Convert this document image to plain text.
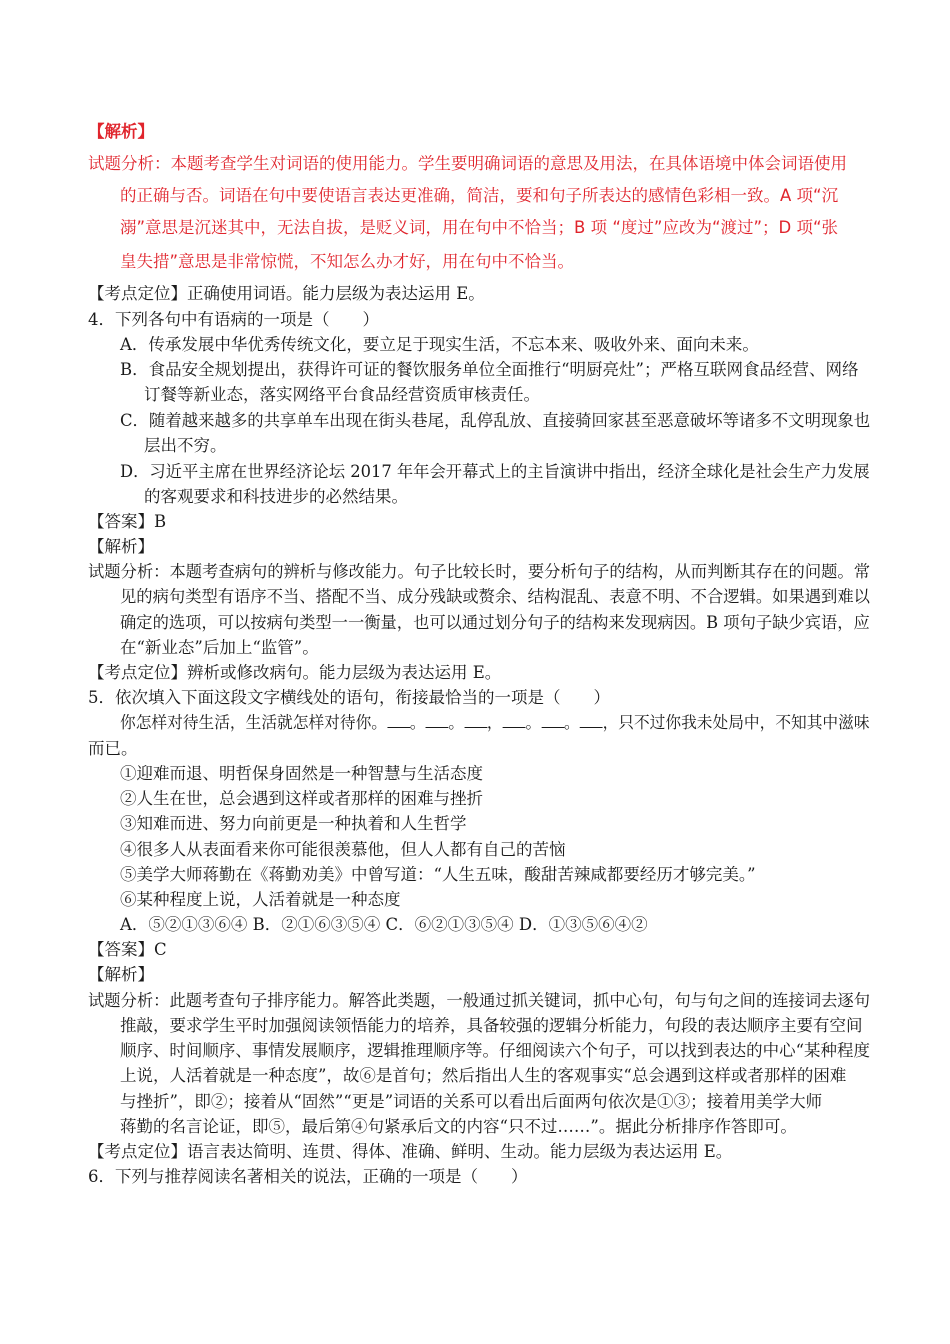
【解析】
试题分析：本题考查学生对词语的使用能力。学生要明确词语的意思及用法，在具体语境中体会词语使用
的正确与否。词语在句中要使语言表达更准确，简洁，要和句子所表达的感情色彩相一致。A 项“沉
溺”意思是沉迷其中，无法自拔，是贬义词，用在句中不恰当；B 项 “度过”应改为“渡过”；D 项“张
皇失措”意思是非常惊慌，不知怎么办才好，用在句中不恰当。
【考点定位】正确使用词语。能力层级为表达运用 E。
4．下列各句中有语病的一项是（　　）
A．传承发展中华优秀传统文化，要立足于现实生活，不忘本来、吸收外来、面向未来。
B．食品安全规划提出，获得许可证的餐饮服务单位全面推行“明厨亮灶”；严格互联网食品经营、网络
订餐等新业态，落实网络平台食品经营资质审核责任。
C．随着越来越多的共享单车出现在街头巷尾，乱停乱放、直接骑回家甚至恶意破坏等诸多不文明现象也
层出不穷。
D．习近平主席在世界经济论坛 2017 年年会开幕式上的主旨演讲中指出，经济全球化是社会生产力发展
的客观要求和科技进步的必然结果。
【答案】B
【解析】
试题分析：本题考查病句的辨析与修改能力。句子比较长时，要分析句子的结构，从而判断其存在的问题。常
见的病句类型有语序不当、搭配不当、成分残缺或赘余、结构混乱、表意不明、不合逻辑。如果遇到难以
确定的选项，可以按病句类型一一衡量，也可以通过划分句子的结构来发现病因。B 项句子缺少宾语，应
在“新业态”后加上“监管”。
【考点定位】辨析或修改病句。能力层级为表达运用 E。
5．依次填入下面这段文字横线处的语句，衔接最恰当的一项是（　　）
你怎样对待生活，生活就怎样对待你。 。 。 ， 。 。 ，只不过你我未处局中，不知其中滋味
而已。
①迎难而退、明哲保身固然是一种智慧与生活态度
②人生在世，总会遇到这样或者那样的困难与挫折
③知难而进、努力向前更是一种执着和人生哲学
④很多人从表面看来你可能很羡慕他，但人人都有自己的苦恼
⑤美学大师蒋勤在《蒋勤劝美》中曾写道：“人生五味，酸甜苦辣咸都要经历才够完美。”
⑥某种程度上说，人活着就是一种态度
A．⑤②①③⑥④ B．②①⑥③⑤④ C．⑥②①③⑤④ D．①③⑤⑥④②
【答案】C
【解析】
试题分析：此题考查句子排序能力。解答此类题，一般通过抓关键词，抓中心句，句与句之间的连接词去逐句
推敲，要求学生平时加强阅读领悟能力的培养，具备较强的逻辑分析能力，句段的表达顺序主要有空间
顺序、时间顺序、事情发展顺序，逻辑推理顺序等。仔细阅读六个句子，可以找到表达的中心“某种程度
上说，人活着就是一种态度”，故⑥是首句；然后指出人生的客观事实“总会遇到这样或者那样的困难
与挫折”，即②；接着从“固然”“更是”词语的关系可以看出后面两句依次是①③；接着用美学大师
蒋勤的名言论证，即⑤，最后第④句紧承后文的内容“只不过……”。据此分析排序作答即可。
【考点定位】语言表达简明、连贯、得体、准确、鲜明、生动。能力层级为表达运用 E。
6．下列与推荐阅读名著相关的说法，正确的一项是（　　）
